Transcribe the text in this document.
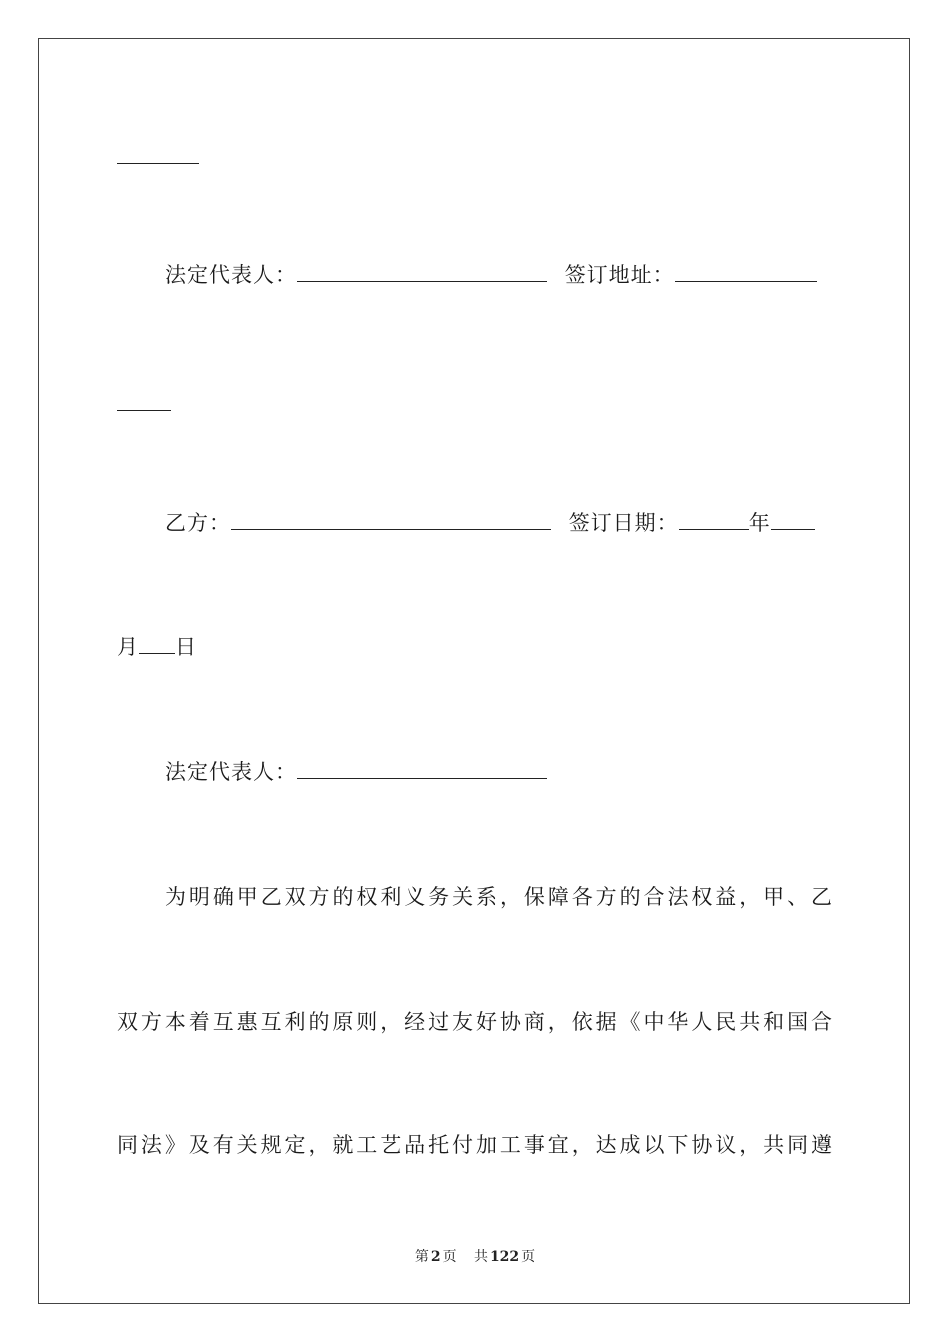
法定代表人：	签订地址：
乙方：	签订日期：	年
月 日
法定代表人：
为明确甲乙双方的权利义务关系，保障各方的合法权益，甲、乙
双方本着互惠互利的原则，经过友好协商，依据《中华人民共和国合
同法》及有关规定，就工艺品托付加工事宜，达成以下协议，共同遵
第 2 页 共 122 页
